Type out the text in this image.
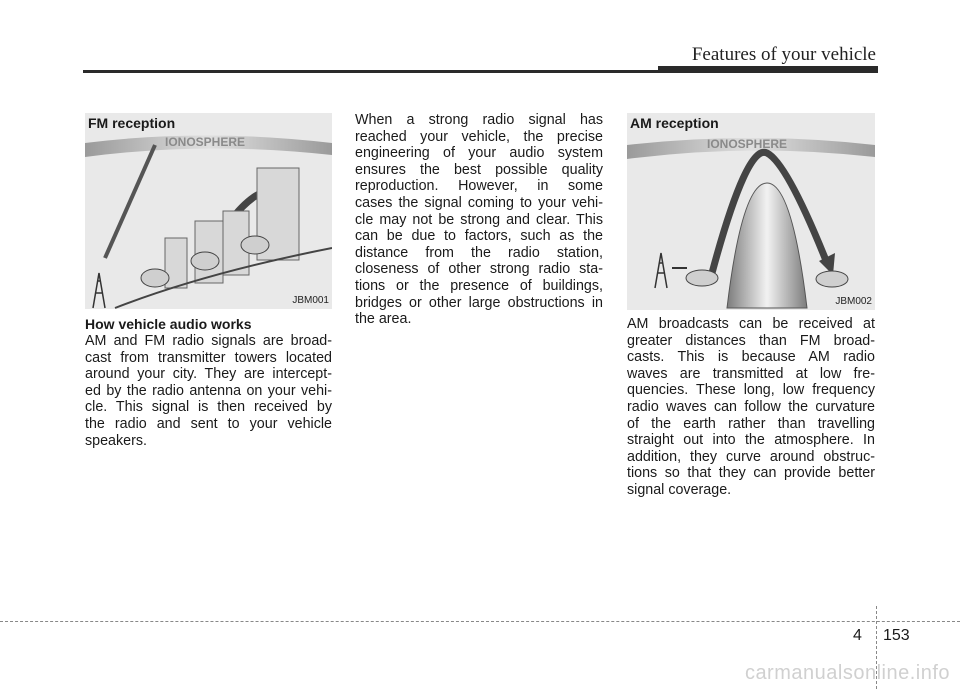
Features of your vehicle
IONOSPHERE
FM reception
JBM001
IONOSPHERE
AM reception
JBM002
How vehicle audio works
AM and FM radio signals are broad-
cast from transmitter towers located
around your city. They are intercept-
ed by the radio antenna on your vehi-
cle. This signal is then received by
the radio and sent to your vehicle
speakers.
When a strong radio signal has
reached your vehicle, the precise
engineering of your audio system
ensures the best possible quality
reproduction. However, in some
cases the signal coming to your vehi-
cle may not be strong and clear. This
can be due to factors, such as the
distance from the radio station,
closeness of other strong radio sta-
tions or the presence of buildings,
bridges or other large obstructions in
the area.	AM broadcasts can be received at
greater distances than FM broad-
casts. This is because AM radio
waves are transmitted at low fre-
quencies. These long, low frequency
radio waves can follow the curvature
of the earth rather than travelling
straight out into the atmosphere. In
addition, they curve around obstruc-
tions so that they can provide better
signal coverage.
4 153
carmanualsonline.info
